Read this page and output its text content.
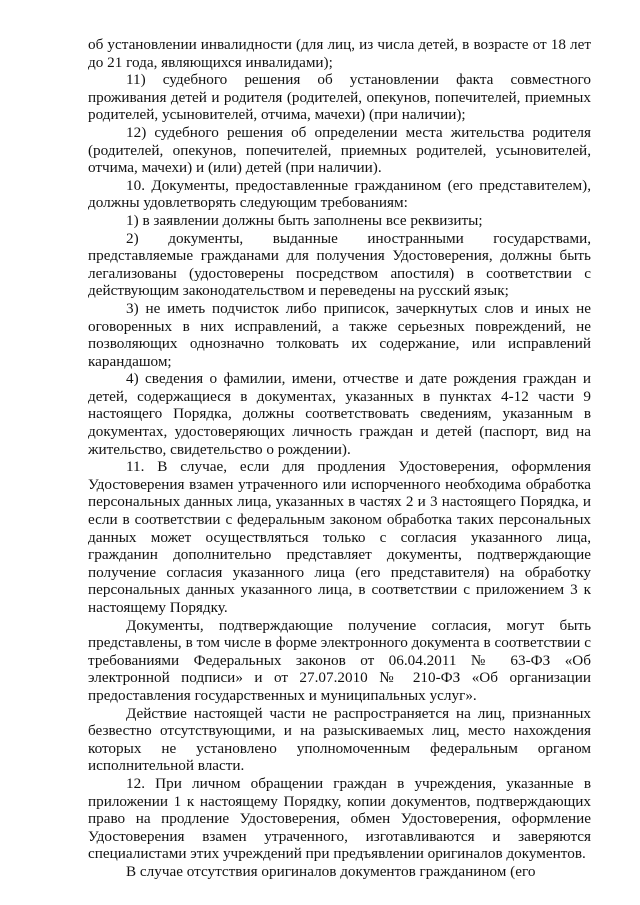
об установлении инвалидности (для лиц, из числа детей, в возрасте от 18 лет до 21 года, являющихся инвалидами);

11) судебного решения об установлении факта совместного проживания детей и родителя (родителей, опекунов, попечителей, приемных родителей, усыновителей, отчима, мачехи) (при наличии);

12) судебного решения об определении места жительства родителя (родителей, опекунов, попечителей, приемных родителей, усыновителей, отчима, мачехи) и (или) детей (при наличии).

10. Документы, предоставленные гражданином (его представителем), должны удовлетворять следующим требованиям:

1) в заявлении должны быть заполнены все реквизиты;

2) документы, выданные иностранными государствами, представляемые гражданами для получения Удостоверения, должны быть легализованы (удостоверены посредством апостиля) в соответствии с действующим законодательством и переведены на русский язык;

3) не иметь подчисток либо приписок, зачеркнутых слов и иных не оговоренных в них исправлений, а также серьезных повреждений, не позволяющих однозначно толковать их содержание, или исправлений карандашом;

4) сведения о фамилии, имени, отчестве и дате рождения граждан и детей, содержащиеся в документах, указанных в пунктах 4-12 части 9 настоящего Порядка, должны соответствовать сведениям, указанным в документах, удостоверяющих личность граждан и детей (паспорт, вид на жительство, свидетельство о рождении).

11. В случае, если для продления Удостоверения, оформления Удостоверения взамен утраченного или испорченного необходима обработка персональных данных лица, указанных в частях 2 и 3 настоящего Порядка, и если в соответствии с федеральным законом обработка таких персональных данных может осуществляться только с согласия указанного лица, гражданин дополнительно представляет документы, подтверждающие получение согласия указанного лица (его представителя) на обработку персональных данных указанного лица, в соответствии с приложением 3 к настоящему Порядку.

Документы, подтверждающие получение согласия, могут быть представлены, в том числе в форме электронного документа в соответствии с требованиями Федеральных законов от 06.04.2011 № 63-ФЗ «Об электронной подписи» и от 27.07.2010 № 210-ФЗ «Об организации предоставления государственных и муниципальных услуг».

Действие настоящей части не распространяется на лиц, признанных безвестно отсутствующими, и на разыскиваемых лиц, место нахождения которых не установлено уполномоченным федеральным органом исполнительной власти.

12. При личном обращении граждан в учреждения, указанные в приложении 1 к настоящему Порядку, копии документов, подтверждающих право на продление Удостоверения, обмен Удостоверения, оформление Удостоверения взамен утраченного, изготавливаются и заверяются специалистами этих учреждений при предъявлении оригиналов документов.

В случае отсутствия оригиналов документов гражданином (его
